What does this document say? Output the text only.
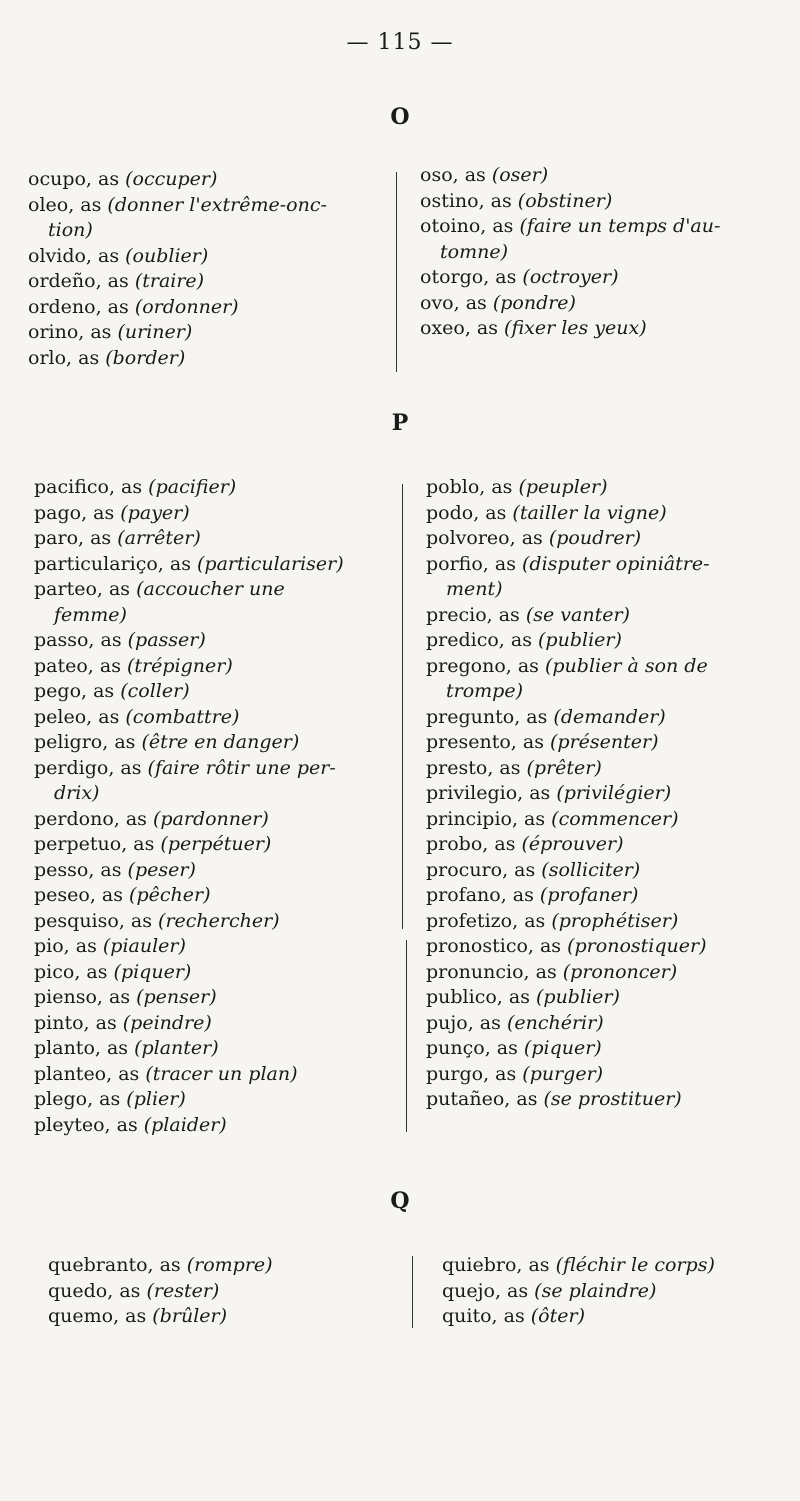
— 115 —
O
ocupo, as (occuper)
oleo, as (donner l'extrême-onc-
tion)
olvido, as (oublier)
ordeño, as (traire)
ordeno, as (ordonner)
orino, as (uriner)
orlo, as (border)
oso, as (oser)
ostino, as (obstiner)
otoino, as (faire un temps d'au-
tomne)
otorgo, as (octroyer)
ovo, as (pondre)
oxeo, as (fixer les yeux)
P
pacifico, as (pacifier)
pago, as (payer)
paro, as (arrêter)
particulariço, as (particulariser)
parteo, as (accoucher une
femme)
passo, as (passer)
pateo, as (trépigner)
pego, as (coller)
peleo, as (combattre)
peligro, as (être en danger)
perdigo, as (faire rôtir une per-
drix)
perdono, as (pardonner)
perpetuo, as (perpétuer)
pesso, as (peser)
peseo, as (pêcher)
pesquiso, as (rechercher)
pio, as (piauler)
pico, as (piquer)
pienso, as (penser)
pinto, as (peindre)
planto, as (planter)
planteo, as (tracer un plan)
plego, as (plier)
pleyteo, as (plaider)
poblo, as (peupler)
podo, as (tailler la vigne)
polvoreo, as (poudrer)
porfio, as (disputer opiniâtre-
ment)
precio, as (se vanter)
predico, as (publier)
pregono, as (publier à son de
trompe)
pregunto, as (demander)
presento, as (présenter)
presto, as (prêter)
privilegio, as (privilégier)
principio, as (commencer)
probo, as (éprouver)
procuro, as (solliciter)
profano, as (profaner)
profetizo, as (prophétiser)
pronostico, as (pronostiquer)
pronuncio, as (prononcer)
publico, as (publier)
pujo, as (enchérir)
punço, as (piquer)
purgo, as (purger)
putañeo, as (se prostituer)
Q
quebranto, as (rompre)
quedo, as (rester)
quemo, as (brûler)
quiebro, as (fléchir le corps)
quejo, as (se plaindre)
quito, as (ôter)
